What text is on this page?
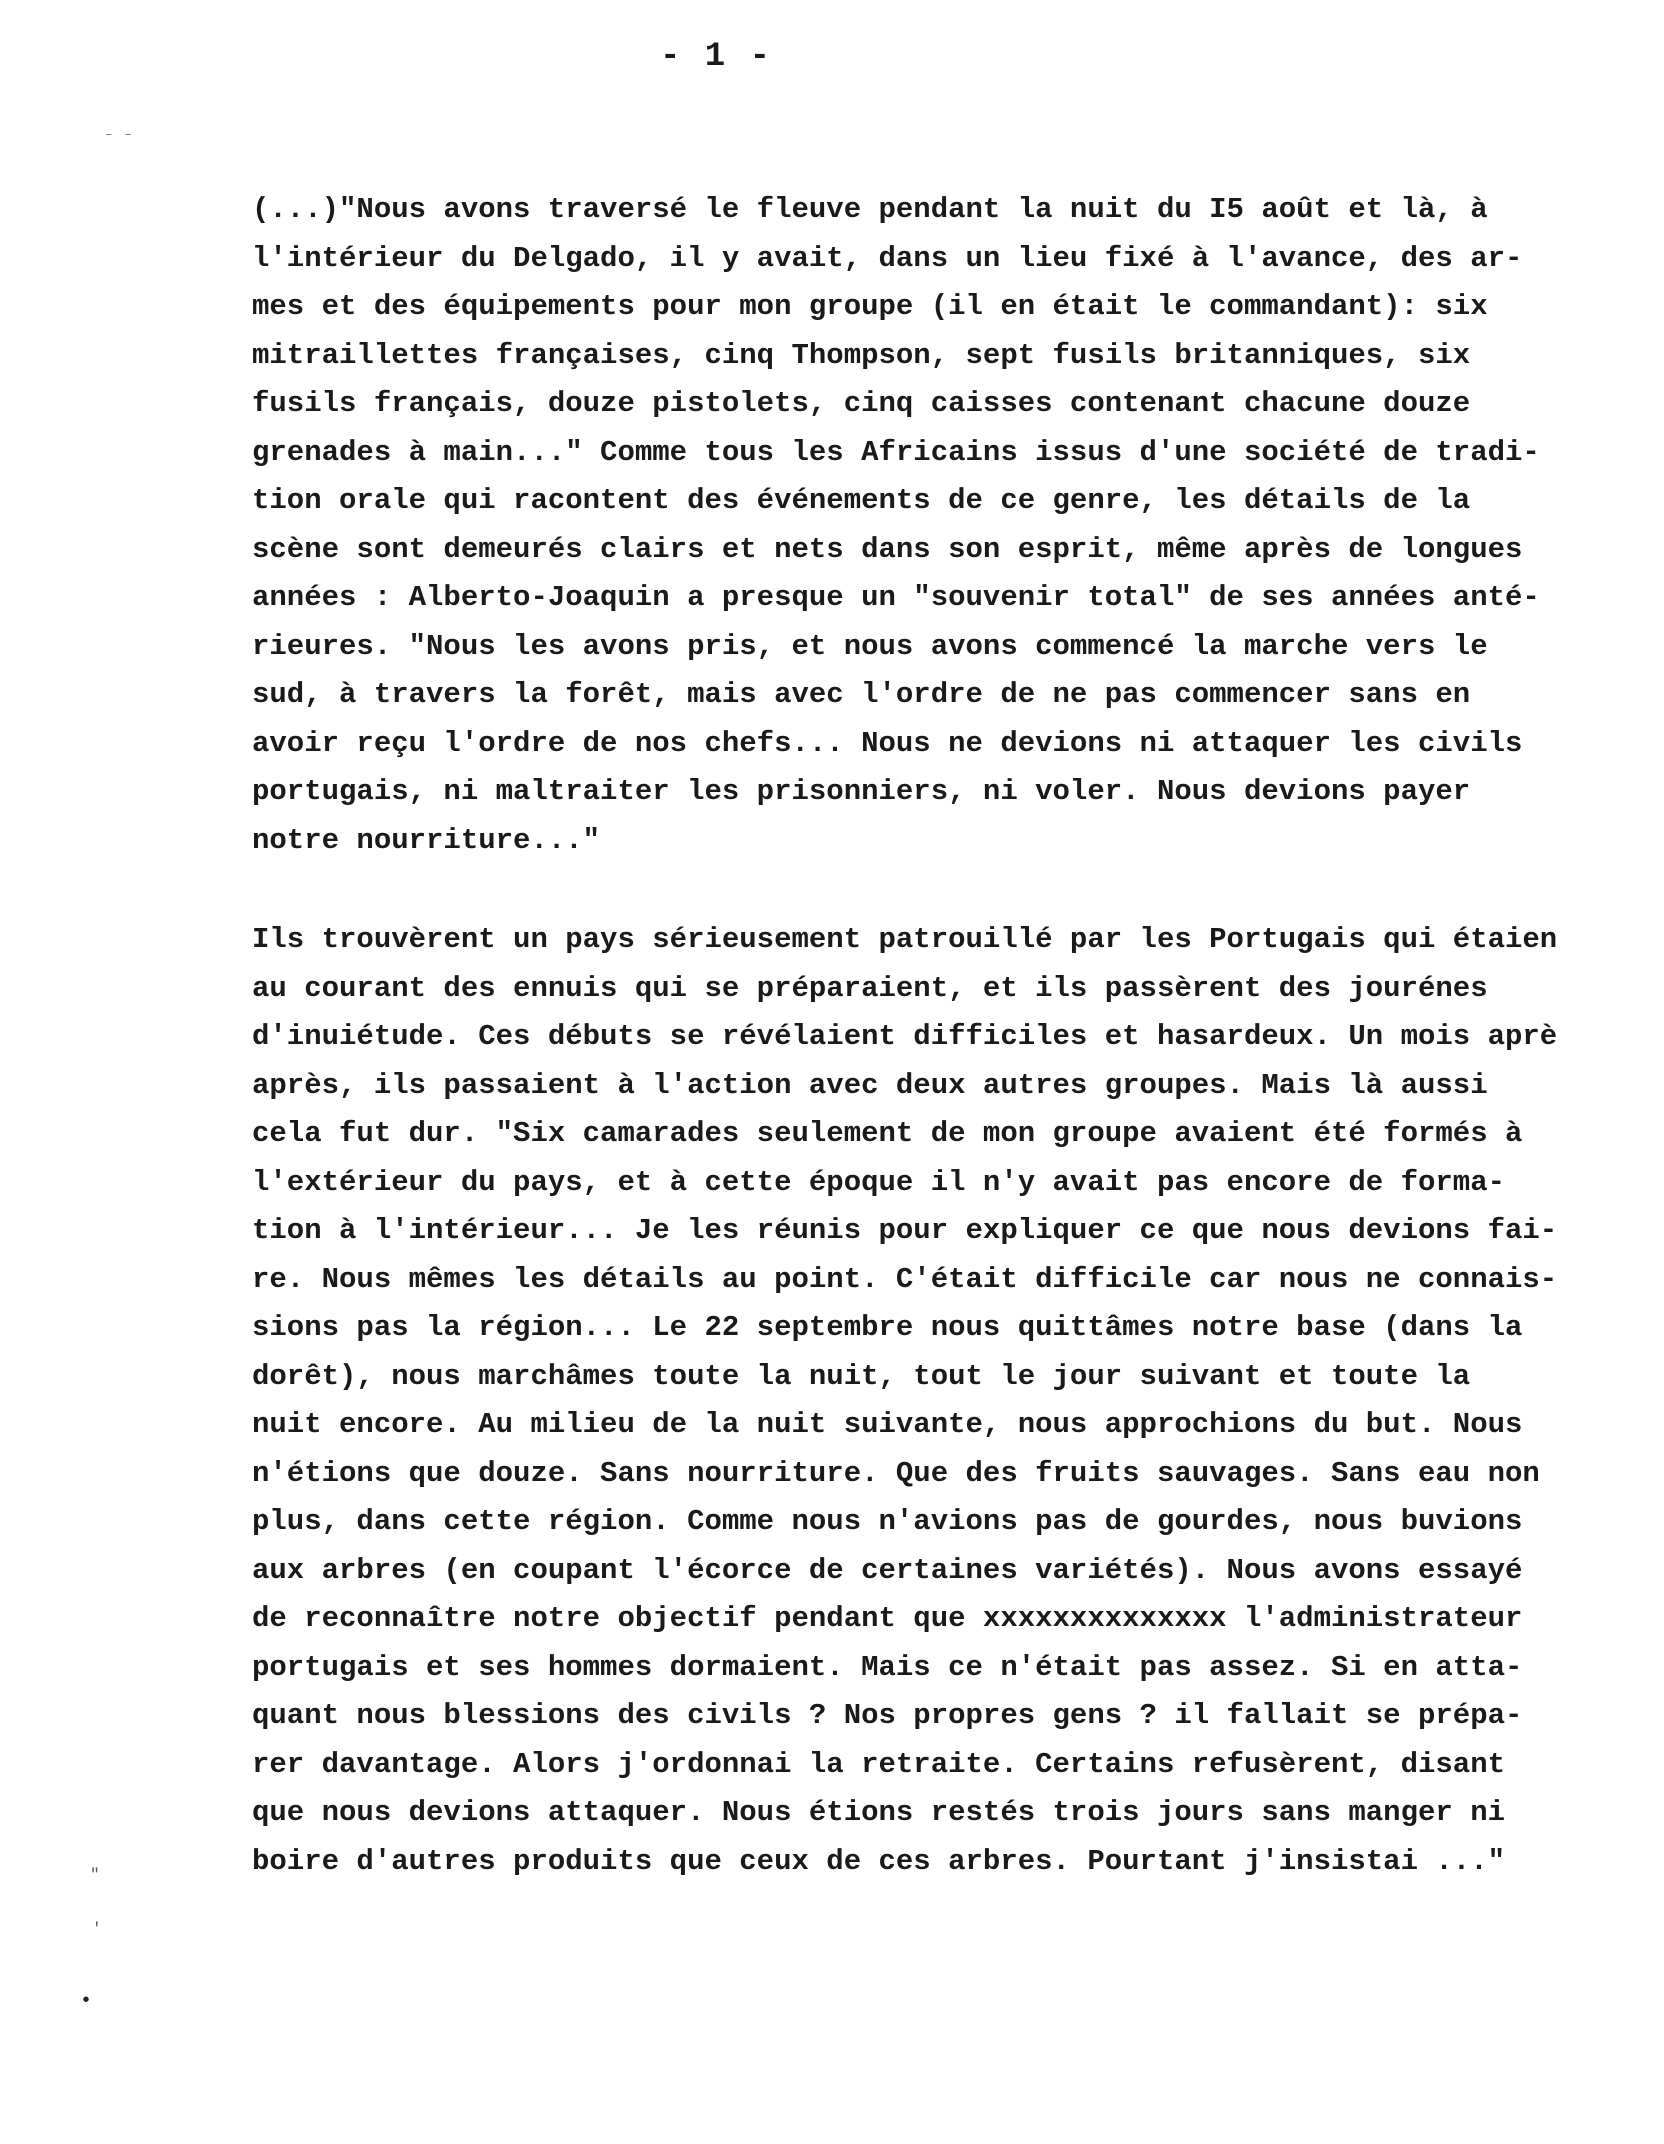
- 1 -
⁻ ⁻
(...)"Nous avons traversé le fleuve pendant la nuit du I5 août et là, à
l'intérieur du Delgado, il y avait, dans un lieu fixé à l'avance, des ar-
mes et des équipements pour mon groupe (il en était le commandant): six
mitraillettes françaises, cinq Thompson, sept fusils britanniques, six
fusils français, douze pistolets, cinq caisses contenant chacune douze
grenades à main..." Comme tous les Africains issus d'une société de tradi-
tion orale qui racontent des événements de ce genre, les détails de la
scène sont demeurés clairs et nets dans son esprit, même après de longues
années : Alberto-Joaquin a presque un "souvenir total" de ses années anté-
rieures. "Nous les avons pris, et nous avons commencé la marche vers le
sud, à travers la forêt, mais avec l'ordre de ne pas commencer sans en
avoir reçu l'ordre de nos chefs... Nous ne devions ni attaquer les civils
portugais, ni maltraiter les prisonniers, ni voler. Nous devions payer
notre nourriture..."
Ils trouvèrent un pays sérieusement patrouillé par les Portugais qui étaien
au courant des ennuis qui se préparaient, et ils passèrent des jourénes
d'inuiétude. Ces débuts se révélaient difficiles et hasardeux. Un mois aprè
après, ils passaient à l'action avec deux autres groupes. Mais là aussi
cela fut dur. "Six camarades seulement de mon groupe avaient été formés à
l'extérieur du pays, et à cette époque il n'y avait pas encore de forma-
tion à l'intérieur... Je les réunis pour expliquer ce que nous devions fai-
re. Nous mêmes les détails au point. C'était difficile car nous ne connais-
sions pas la région... Le 22 septembre nous quittâmes notre base (dans la
dorêt), nous marchâmes toute la nuit, tout le jour suivant et toute la
nuit encore. Au milieu de la nuit suivante, nous approchions du but. Nous
n'étions que douze. Sans nourriture. Que des fruits sauvages. Sans eau non
plus, dans cette région. Comme nous n'avions pas de gourdes, nous buvions
aux arbres (en coupant l'écorce de certaines variétés). Nous avons essayé
de reconnaître notre objectif pendant que xxxxxxxxxxxxxx l'administrateur
portugais et ses hommes dormaient. Mais ce n'était pas assez. Si en atta-
quant nous blessions des civils ? Nos propres gens ? il fallait se prépa-
rer davantage. Alors j'ordonnai la retraite. Certains refusèrent, disant
que nous devions attaquer. Nous étions restés trois jours sans manger ni
boire d'autres produits que ceux de ces arbres. Pourtant j'insistai ..."
"
'
•
